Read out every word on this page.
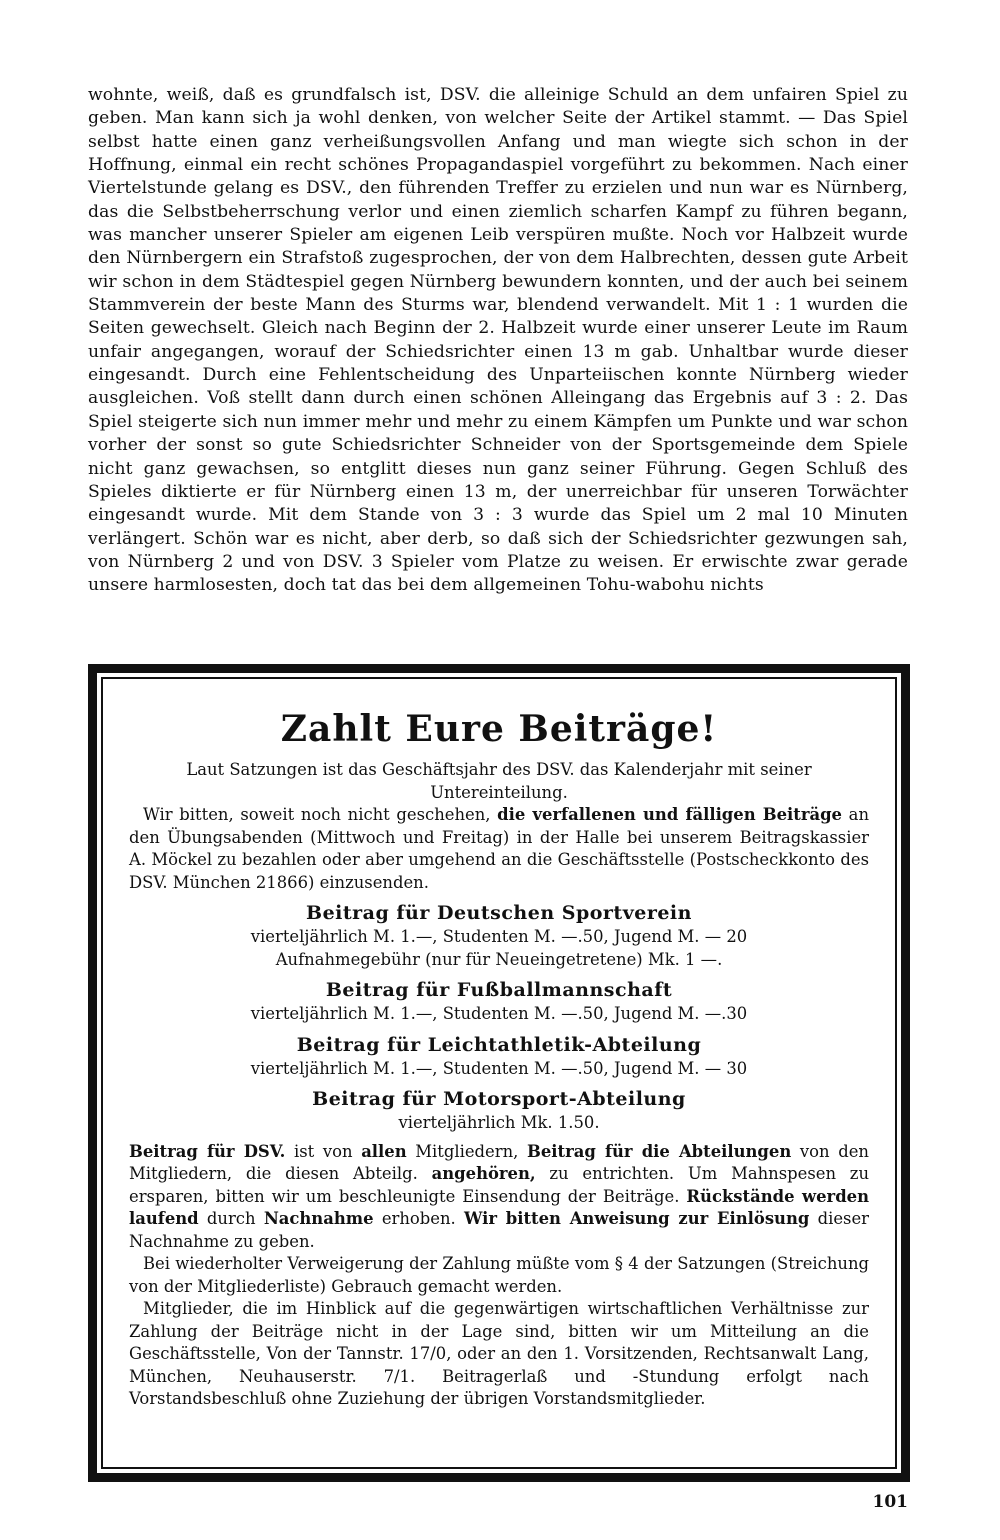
wohnte, weiß, daß es grundfalsch ist, DSV. die alleinige Schuld an dem unfairen Spiel zu geben. Man kann sich ja wohl denken, von welcher Seite der Artikel stammt. — Das Spiel selbst hatte einen ganz verheißungsvollen Anfang und man wiegte sich schon in der Hoffnung, einmal ein recht schönes Propagandaspiel vorgeführt zu bekommen. Nach einer Viertelstunde gelang es DSV., den führenden Treffer zu erzielen und nun war es Nürnberg, das die Selbstbeherrschung verlor und einen ziemlich scharfen Kampf zu führen begann, was mancher unserer Spieler am eigenen Leib verspüren mußte. Noch vor Halbzeit wurde den Nürnbergern ein Strafstoß zugesprochen, der von dem Halbrechten, dessen gute Arbeit wir schon in dem Städtespiel gegen Nürnberg bewundern konnten, und der auch bei seinem Stammverein der beste Mann des Sturms war, blendend verwandelt. Mit 1 : 1 wurden die Seiten gewechselt. Gleich nach Beginn der 2. Halbzeit wurde einer unserer Leute im Raum unfair angegangen, worauf der Schiedsrichter einen 13 m gab. Unhaltbar wurde dieser eingesandt. Durch eine Fehlentscheidung des Unparteiischen konnte Nürnberg wieder ausgleichen. Voß stellt dann durch einen schönen Alleingang das Ergebnis auf 3 : 2. Das Spiel steigerte sich nun immer mehr und mehr zu einem Kämpfen um Punkte und war schon vorher der sonst so gute Schiedsrichter Schneider von der Sportsgemeinde dem Spiele nicht ganz gewachsen, so entglitt dieses nun ganz seiner Führung. Gegen Schluß des Spieles diktierte er für Nürnberg einen 13 m, der unerreichbar für unseren Torwächter eingesandt wurde. Mit dem Stande von 3 : 3 wurde das Spiel um 2 mal 10 Minuten verlängert. Schön war es nicht, aber derb, so daß sich der Schiedsrichter gezwungen sah, von Nürnberg 2 und von DSV. 3 Spieler vom Platze zu weisen. Er erwischte zwar gerade unsere harmlosesten, doch tat das bei dem allgemeinen Tohu-wabohu nichts

Zahlt Eure Beiträge!

Laut Satzungen ist das Geschäftsjahr des DSV. das Kalenderjahr mit seiner Untereinteilung.

Wir bitten, soweit noch nicht geschehen, die verfallenen und fälligen Beiträge an den Übungsabenden (Mittwoch und Freitag) in der Halle bei unserem Beitragskassier A. Möckel zu bezahlen oder aber umgehend an die Geschäftsstelle (Postscheckkonto des DSV. München 21866) einzusenden.

Beitrag für Deutschen Sportverein

vierteljährlich M. 1.—, Studenten M. —.50, Jugend M. — 20

Aufnahmegebühr (nur für Neueingetretene) Mk. 1 —.

Beitrag für Fußballmannschaft

vierteljährlich M. 1.—, Studenten M. —.50, Jugend M. —.30

Beitrag für Leichtathletik-Abteilung

vierteljährlich M. 1.—, Studenten M. —.50, Jugend M. — 30

Beitrag für Motorsport-Abteilung

vierteljährlich Mk. 1.50.

Beitrag für DSV. ist von allen Mitgliedern, Beitrag für die Abteilungen von den Mitgliedern, die diesen Abteilg. angehören, zu entrichten. Um Mahnspesen zu ersparen, bitten wir um beschleunigte Einsendung der Beiträge. Rückstände werden laufend durch Nachnahme erhoben. Wir bitten Anweisung zur Einlösung dieser Nachnahme zu geben.

Bei wiederholter Verweigerung der Zahlung müßte vom § 4 der Satzungen (Streichung von der Mitgliederliste) Gebrauch gemacht werden.

Mitglieder, die im Hinblick auf die gegenwärtigen wirtschaftlichen Verhältnisse zur Zahlung der Beiträge nicht in der Lage sind, bitten wir um Mitteilung an die Geschäftsstelle, Von der Tannstr. 17/0, oder an den 1. Vorsitzenden, Rechtsanwalt Lang, München, Neuhauserstr. 7/1. Beitragerlaß und -Stundung erfolgt nach Vorstandsbeschluß ohne Zuziehung der übrigen Vorstandsmitglieder.

101
